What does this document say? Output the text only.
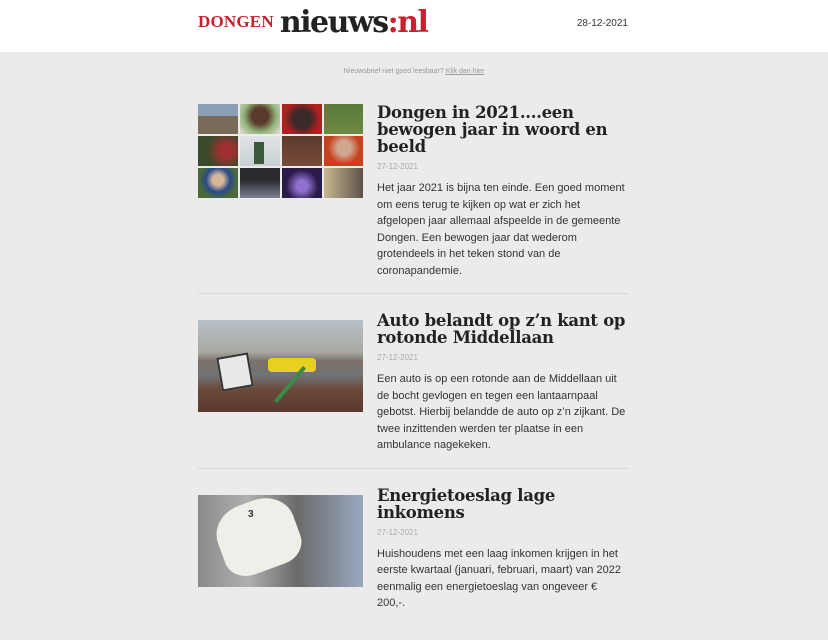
DONGEN nieuws :nl	28-12-2021
Nieuwsbrief niet goed leesbaar? Klik dan hier
Dongen in 2021....een bewogen jaar in woord en beeld
27-12-2021

Het jaar 2021 is bijna ten einde. Een goed moment om eens terug te kijken op wat er zich het afgelopen jaar allemaal afspeelde in de gemeente Dongen. Een bewogen jaar dat wederom grotendeels in het teken stond van de coronapandemie.

Auto belandt op z’n kant op rotonde Middellaan
27-12-2021

Een auto is op een rotonde aan de Middellaan uit de bocht gevlogen en tegen een lantaarnpaal gebotst. Hierbij belandde de auto op z’n zijkant. De twee inzittenden werden ter plaatse in een ambulance nagekeken.

3
Energietoeslag lage inkomens
27-12-2021

Huishoudens met een laag inkomen krijgen in het eerste kwartaal (januari, februari, maart) van 2022 eenmalig een energietoeslag van ongeveer € 200,-.
